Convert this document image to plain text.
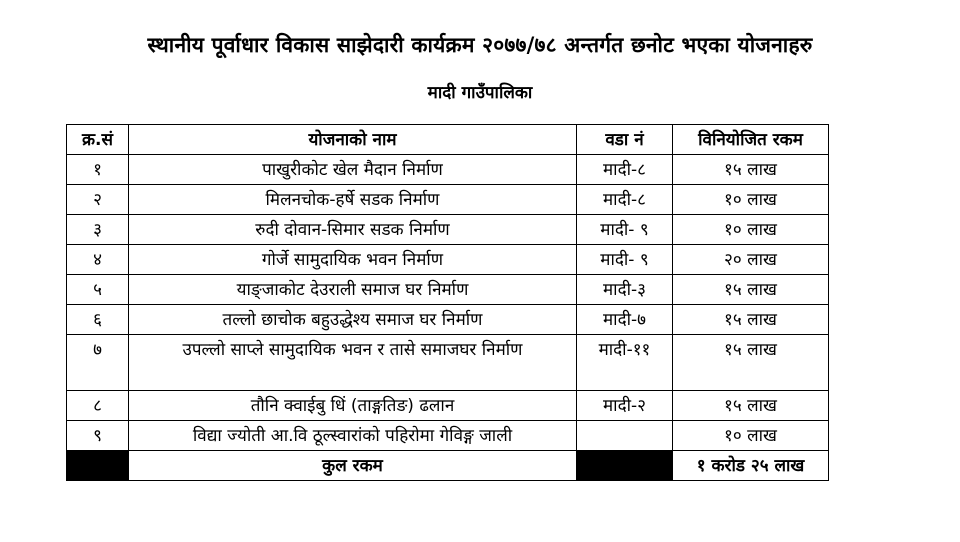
स्थानीय पूर्वाधार विकास साझेदारी कार्यक्रम २०७७/७८ अन्तर्गत छनोट भएका योजनाहरु
मादी गाउँपालिका
क्र.सं	योजनाको नाम	वडा नं	विनियोजित रकम
१	पाखुरीकोट खेल मैदान निर्माण	मादी-८	१५ लाख
२	मिलनचोक-हर्षे सडक निर्माण	मादी-८	१० लाख
३	रुदी दोवान-सिमार सडक निर्माण	मादी- ९	१० लाख
४	गोर्जे सामुदायिक भवन निर्माण	मादी- ९	२० लाख
५	याङ्जाकोट देउराली समाज घर निर्माण	मादी-३	१५ लाख
६	तल्लो छाचोक बहुउद्धेश्य समाज घर निर्माण	मादी-७	१५ लाख
७	उपल्लो साप्ले सामुदायिक भवन र तासे समाजघर निर्माण	मादी-११	१५ लाख
८	तौनि क्वाईबु धिं (ताङ्गतिङ) ढलान	मादी-२	१५ लाख
९	विद्या ज्योती आ.वि ठूल्स्वारांको पहिरोमा गेविङ्ग जाली		१० लाख
	कुल रकम		१ करोड २५ लाख
